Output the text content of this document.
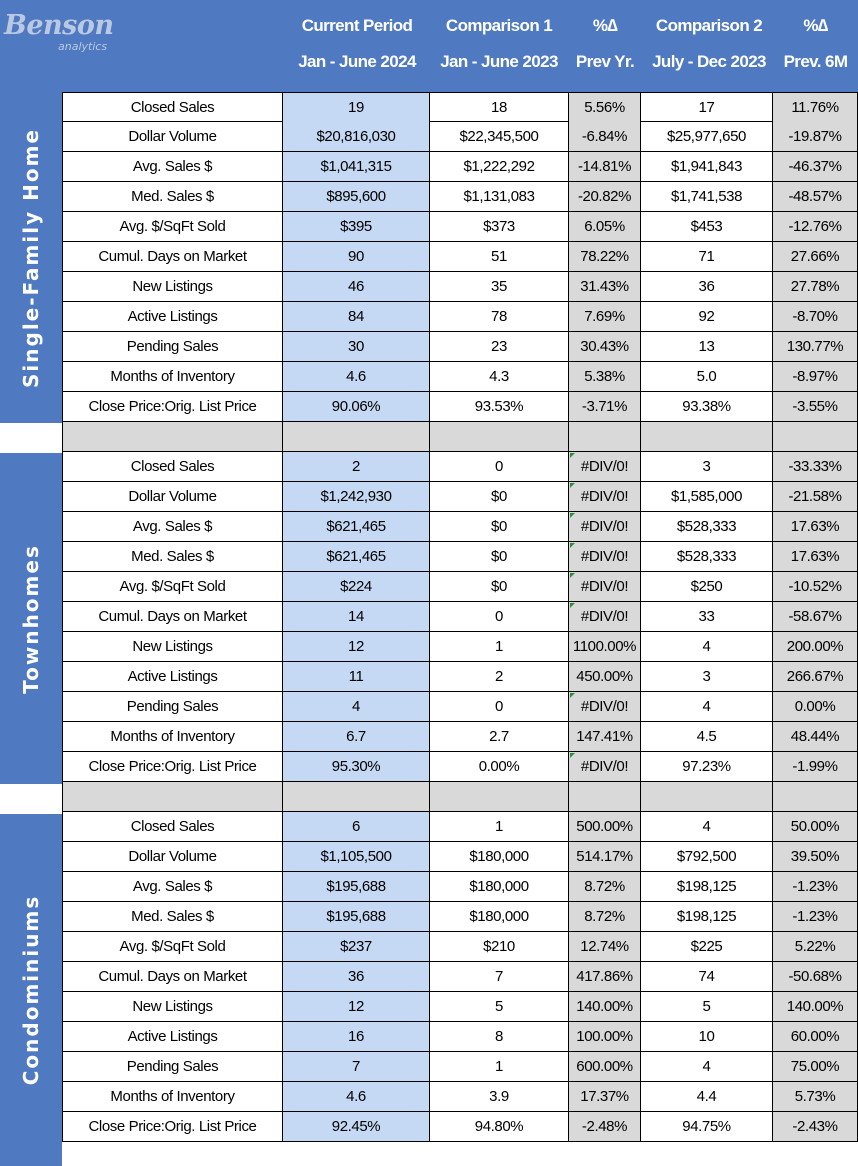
Benson
analytics
Current Period
Jan - June 2024
Comparison 1
Jan - June 2023
%∆
Prev Yr.
Comparison 2
July - Dec 2023
%∆
Prev. 6M
Single-Family Home
Townhomes
Condominiums
Closed Sales	19	18	5.56%	17	11.76%
Dollar Volume	$20,816,030	$22,345,500	-6.84%	$25,977,650	-19.87%
Avg. Sales $	$1,041,315	$1,222,292	-14.81%	$1,941,843	-46.37%
Med. Sales $	$895,600	$1,131,083	-20.82%	$1,741,538	-48.57%
Avg. $/SqFt Sold	$395	$373	6.05%	$453	-12.76%
Cumul. Days on Market	90	51	78.22%	71	27.66%
New Listings	46	35	31.43%	36	27.78%
Active Listings	84	78	7.69%	92	-8.70%
Pending Sales	30	23	30.43%	13	130.77%
Months of Inventory	4.6	4.3	5.38%	5.0	-8.97%
Close Price:Orig. List Price	90.06%	93.53%	-3.71%	93.38%	-3.55%
Closed Sales	2	0	#DIV/0!	3	-33.33%
Dollar Volume	$1,242,930	$0	#DIV/0!	$1,585,000	-21.58%
Avg. Sales $	$621,465	$0	#DIV/0!	$528,333	17.63%
Med. Sales $	$621,465	$0	#DIV/0!	$528,333	17.63%
Avg. $/SqFt Sold	$224	$0	#DIV/0!	$250	-10.52%
Cumul. Days on Market	14	0	#DIV/0!	33	-58.67%
New Listings	12	1	1100.00%	4	200.00%
Active Listings	11	2	450.00%	3	266.67%
Pending Sales	4	0	#DIV/0!	4	0.00%
Months of Inventory	6.7	2.7	147.41%	4.5	48.44%
Close Price:Orig. List Price	95.30%	0.00%	#DIV/0!	97.23%	-1.99%
Closed Sales	6	1	500.00%	4	50.00%
Dollar Volume	$1,105,500	$180,000	514.17%	$792,500	39.50%
Avg. Sales $	$195,688	$180,000	8.72%	$198,125	-1.23%
Med. Sales $	$195,688	$180,000	8.72%	$198,125	-1.23%
Avg. $/SqFt Sold	$237	$210	12.74%	$225	5.22%
Cumul. Days on Market	36	7	417.86%	74	-50.68%
New Listings	12	5	140.00%	5	140.00%
Active Listings	16	8	100.00%	10	60.00%
Pending Sales	7	1	600.00%	4	75.00%
Months of Inventory	4.6	3.9	17.37%	4.4	5.73%
Close Price:Orig. List Price	92.45%	94.80%	-2.48%	94.75%	-2.43%
